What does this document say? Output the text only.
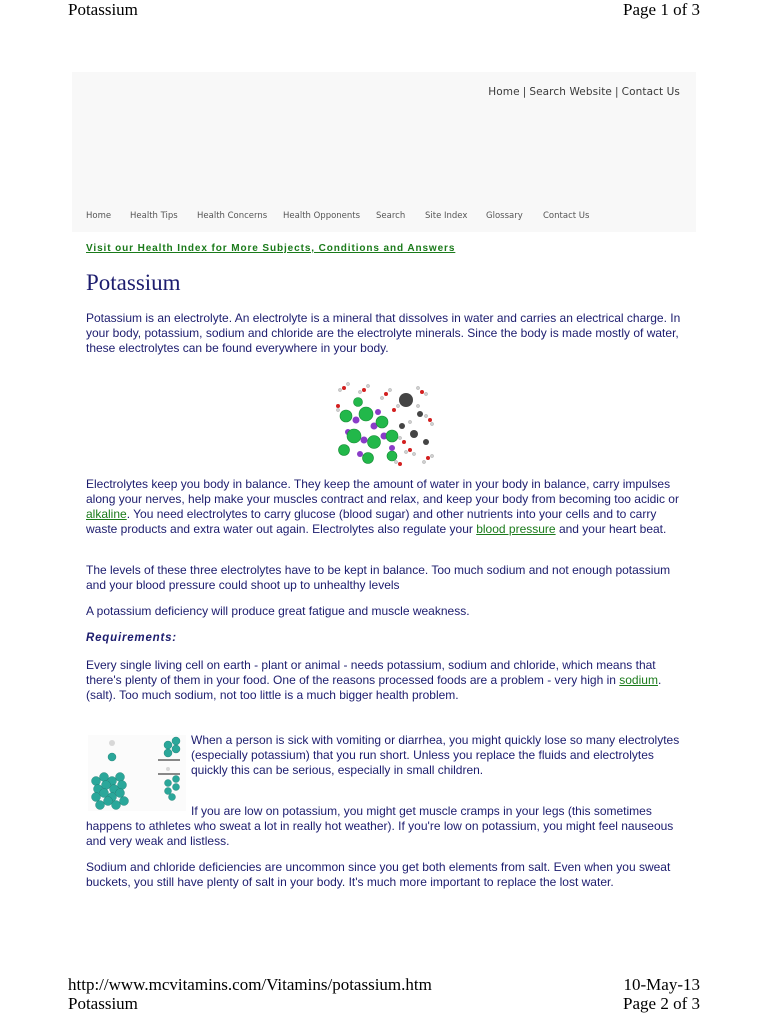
Potassium	Page 1 of 3
Home | Search Website | Contact Us
Home Health Tips Health Concerns Health Opponents Search Site Index Glossary Contact Us
Visit our Health Index for More Subjects, Conditions and Answers
Potassium

Potassium is an electrolyte. An electrolyte is a mineral that dissolves in water and carries an electrical charge. In your body, potassium, sodium and chloride are the electrolyte minerals. Since the body is made mostly of water, these electrolytes can be found everywhere in your body.

Electrolytes keep you body in balance. They keep the amount of water in your body in balance, carry impulses along your nerves, help make your muscles contract and relax, and keep your body from becoming too acidic or alkaline. You need electrolytes to carry glucose (blood sugar) and other nutrients into your cells and to carry waste products and extra water out again. Electrolytes also regulate your blood pressure and your heart beat.

The levels of these three electrolytes have to be kept in balance. Too much sodium and not enough potassium and your blood pressure could shoot up to unhealthy levels

A potassium deficiency will produce great fatigue and muscle weakness.

Requirements:

Every single living cell on earth - plant or animal - needs potassium, sodium and chloride, which means that there's plenty of them in your food. One of the reasons processed foods are a problem - very high in sodium.(salt). Too much sodium, not too little is a much bigger health problem.

When a person is sick with vomiting or diarrhea, you might quickly lose so many electrolytes (especially potassium) that you run short. Unless you replace the fluids and electrolytes quickly this can be serious, especially in small children.

If you are low on potassium, you might get muscle cramps in your legs (this sometimes happens to athletes who sweat a lot in really hot weather). If you're low on potassium, you might feel nauseous and very weak and listless.

Sodium and chloride deficiencies are uncommon since you get both elements from salt. Even when you sweat buckets, you still have plenty of salt in your body. It's much more important to replace the lost water.

http://www.mcvitamins.com/Vitamins/potassium.htm	10-May-13
Potassium	Page 2 of 3
